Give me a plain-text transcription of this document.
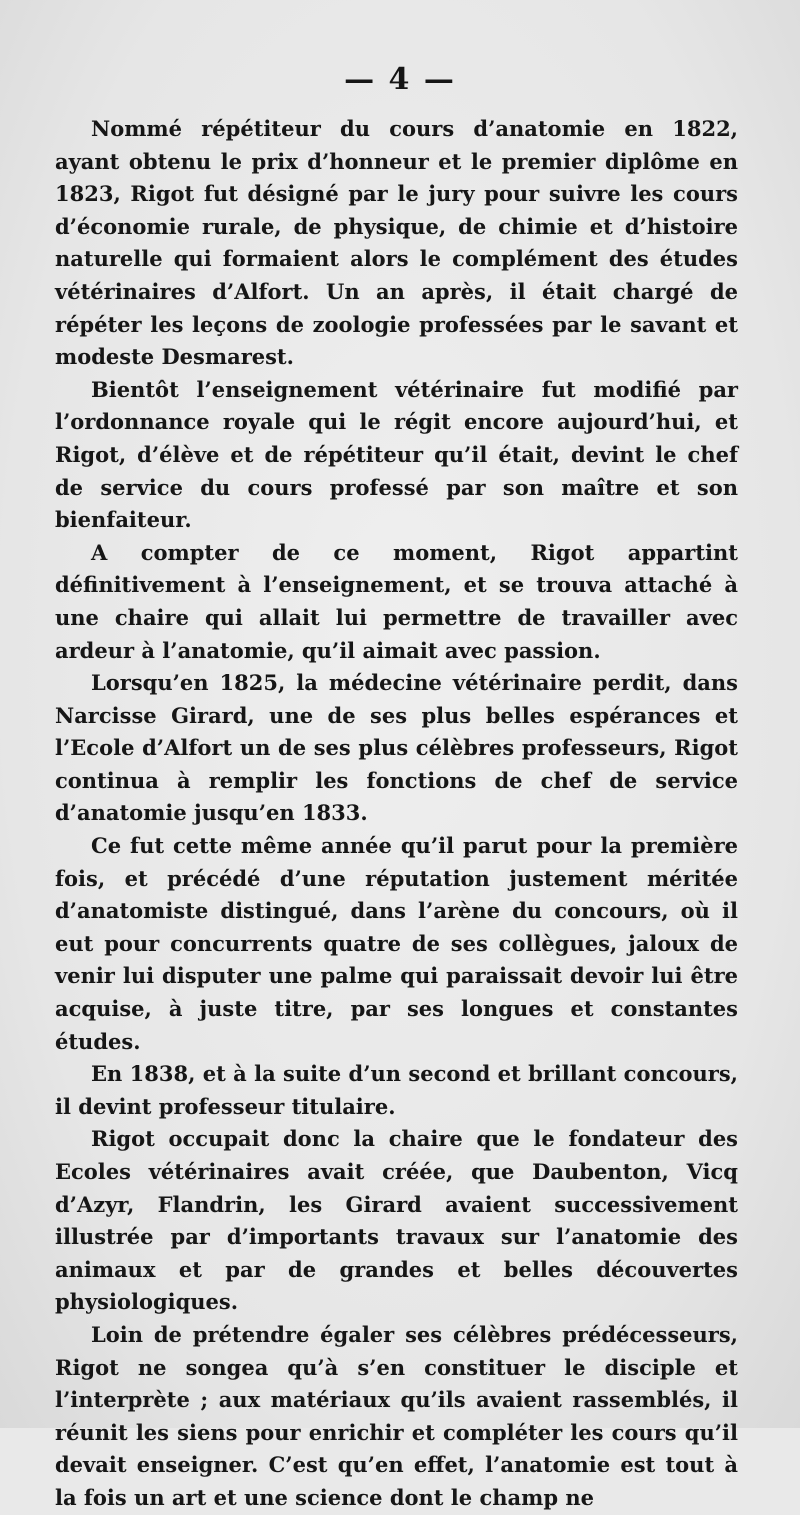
— 4 —

Nommé répétiteur du cours d’anatomie en 1822, ayant obtenu le prix d’honneur et le premier diplôme en 1823, Rigot fut désigné par le jury pour suivre les cours d’économie rurale, de physique, de chimie et d’histoire naturelle qui formaient alors le complément des études vétérinaires d’Alfort. Un an après, il était chargé de répéter les leçons de zoologie professées par le savant et modeste Desmarest.

Bientôt l’enseignement vétérinaire fut modifié par l’ordonnance royale qui le régit encore aujourd’hui, et Rigot, d’élève et de répétiteur qu’il était, devint le chef de service du cours professé par son maître et son bienfaiteur.

A compter de ce moment, Rigot appartint définitivement à l’enseignement, et se trouva attaché à une chaire qui allait lui permettre de travailler avec ardeur à l’anatomie, qu’il aimait avec passion.

Lorsqu’en 1825, la médecine vétérinaire perdit, dans Narcisse Girard, une de ses plus belles espérances et l’Ecole d’Alfort un de ses plus célèbres professeurs, Rigot continua à remplir les fonctions de chef de service d’anatomie jusqu’en 1833.

Ce fut cette même année qu’il parut pour la première fois, et précédé d’une réputation justement méritée d’anatomiste distingué, dans l’arène du concours, où il eut pour concurrents quatre de ses collègues, jaloux de venir lui disputer une palme qui paraissait devoir lui être acquise, à juste titre, par ses longues et constantes études.

En 1838, et à la suite d’un second et brillant concours, il devint professeur titulaire.

Rigot occupait donc la chaire que le fondateur des Ecoles vétérinaires avait créée, que Daubenton, Vicq d’Azyr, Flandrin, les Girard avaient successivement illustrée par d’importants travaux sur l’anatomie des animaux et par de grandes et belles découvertes physiologiques.

Loin de prétendre égaler ses célèbres prédécesseurs, Rigot ne songea qu’à s’en constituer le disciple et l’interprète ; aux matériaux qu’ils avaient rassemblés, il réunit les siens pour enrichir et compléter les cours qu’il devait enseigner. C’est qu’en effet, l’anatomie est tout à la fois un art et une science dont le champ ne
